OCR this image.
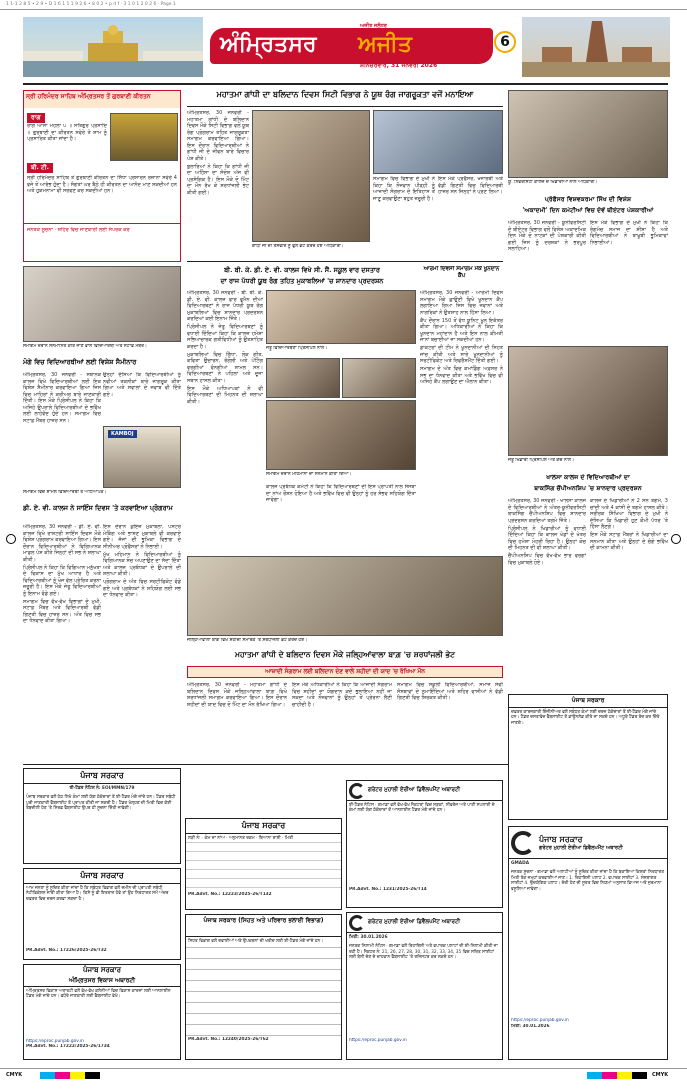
1 1-1 2 8 5 • 2 9 • D 1 6 1 1 1 9 2 6 • 8 0 2 • p d f · 3 1 0 1 2 0 2 6 · Page 1
ਅਜੀਤ ਜਲੰਧਰ
ਅੰਮ੍ਰਿਤਸਰ ਅਜੀਤ
ਸ਼ਨਿੱਚਰਵਾਰ, 31 ਜਨਵਰੀ 2026
6
ਸ੍ਰੀ ਹਰਿਮੰਦਰ ਸਾਹਿਬ ਅੰਮ੍ਰਿਤਸਰ ਤੋਂ ਗੁਰਬਾਣੀ ਕੀਰਤਨ
ਰਾਗ

ਰਾਗ ਆਸਾ ਮਹਲਾ ੫ ॥ ਸਤਿਗੁਰ ਪ੍ਰਸਾਦਿ ॥ ਗੁਰਬਾਣੀ ਦਾ ਕੀਰਤਨ ਸਵੇਰੇ ਤੇ ਸ਼ਾਮ ਨੂੰ ਪ੍ਰਸਾਰਿਤ ਕੀਤਾ ਜਾਂਦਾ ਹੈ।

ਬੀ. ਟੀ.

ਸ੍ਰੀ ਹਰਿਮੰਦਰ ਸਾਹਿਬ ਤੋਂ ਗੁਰਬਾਣੀ ਕੀਰਤਨ ਦਾ ਸਿੱਧਾ ਪ੍ਰਸਾਰਨ ਰੋਜ਼ਾਨਾ ਸਵੇਰੇ 4 ਵਜੇ ਤੋਂ ਆਰੰਭ ਹੁੰਦਾ ਹੈ। ਸੰਗਤਾਂ ਘਰ ਬੈਠੇ ਹੀ ਕੀਰਤਨ ਦਾ ਆਨੰਦ ਮਾਣ ਸਕਦੀਆਂ ਹਨ ਅਤੇ ਹੁਕਮਨਾਮਾ ਵੀ ਸਰਵਣ ਕਰ ਸਕਦੀਆਂ ਹਨ।

ਜਨਤਕ ਸੂਚਨਾ · ਸ਼ਹਿਰ ਵਿਚ ਜਾਣਕਾਰੀ ਲਈ ਸੰਪਰਕ ਕਰੋ
ਸਮਾਗਮ ਦੌਰਾਨ ਸਨਮਾਨਿਤ ਕੀਤੇ ਜਾਣ ਵਾਲੇ ਵਿਦਿਆਰਥੀ ਅਤੇ ਸਟਾਫ਼ ਮੈਂਬਰ।
ਮੋਗੇ ਵਿਚ ਵਿਦਿਆਰਥੀਆਂ ਲਈ ਵਿਸ਼ੇਸ਼ ਸੈਮੀਨਾਰ

ਅੰਮ੍ਰਿਤਸਰ, 30 ਜਨਵਰੀ - ਸਥਾਨਕ ਕਾਲਜ ਵਿਖੇ ਵਿਦਿਆਰਥੀਆਂ ਲਈ ਇਕ ਵਿਸ਼ੇਸ਼ ਸੈਮੀਨਾਰ ਕਰਵਾਇਆ ਗਿਆ ਜਿਸ ਵਿਚ ਮਾਹਿਰਾਂ ਨੇ ਕਰੀਅਰ ਬਾਰੇ ਜਾਣਕਾਰੀ ਦਿੱਤੀ। ਇਸ ਮੌਕੇ ਪ੍ਰਿੰਸੀਪਲ ਨੇ ਕਿਹਾ ਕਿ ਅਜਿਹੇ ਉਪਰਾਲੇ ਵਿਦਿਆਰਥੀਆਂ ਦੇ ਭਵਿੱਖ ਲਈ ਲਾਹੇਵੰਦ ਹੁੰਦੇ ਹਨ। ਸਮਾਗਮ ਵਿਚ ਸਟਾਫ਼ ਮੈਂਬਰ ਹਾਜ਼ਰ ਸਨ।

ਉਨ੍ਹਾਂ ਦੱਸਿਆ ਕਿ ਵਿਦਿਆਰਥੀਆਂ ਨੂੰ ਨਵੀਆਂ ਤਕਨੀਕਾਂ ਬਾਰੇ ਜਾਗਰੂਕ ਕੀਤਾ ਗਿਆ ਅਤੇ ਸਵਾਲਾਂ ਦੇ ਜਵਾਬ ਵੀ ਦਿੱਤੇ ਗਏ।

KAMBOJ
ਸਮਾਗਮ ਵਿਚ ਸ਼ਾਮਲ ਵਿਦਿਆਰਥੀ ਤੇ ਅਧਿਆਪਕ।
ਡੀ. ਏ. ਵੀ. ਕਾਲਜ ਨੇ ਸਾਇੰਸ ਦਿਵਸ 'ਤੇ ਕਰਵਾਇਆ ਪ੍ਰੋਗਰਾਮ

ਅੰਮ੍ਰਿਤਸਰ, 30 ਜਨਵਰੀ - ਡੀ. ਏ. ਵੀ. ਕਾਲਜ ਵਿਖੇ ਰਾਸ਼ਟਰੀ ਸਾਇੰਸ ਦਿਵਸ ਮੌਕੇ ਵਿਸ਼ੇਸ਼ ਪ੍ਰੋਗਰਾਮ ਕਰਵਾਇਆ ਗਿਆ। ਇਸ ਦੌਰਾਨ ਵਿਦਿਆਰਥੀਆਂ ਨੇ ਵਿਗਿਆਨਕ ਮਾਡਲ ਪੇਸ਼ ਕੀਤੇ ਜਿਨ੍ਹਾਂ ਦੀ ਸਭ ਨੇ ਸ਼ਲਾਘਾ ਕੀਤੀ।

ਪ੍ਰਿੰਸੀਪਲ ਨੇ ਕਿਹਾ ਕਿ ਵਿਗਿਆਨ ਮਨੁੱਖਤਾ ਦੇ ਵਿਕਾਸ ਦਾ ਮੁੱਖ ਆਧਾਰ ਹੈ ਅਤੇ ਵਿਦਿਆਰਥੀਆਂ ਨੂੰ ਖੋਜ ਵੱਲ ਪ੍ਰੇਰਿਤ ਕਰਨਾ ਜ਼ਰੂਰੀ ਹੈ। ਇਸ ਮੌਕੇ ਜੇਤੂ ਵਿਦਿਆਰਥੀਆਂ ਨੂੰ ਇਨਾਮ ਵੰਡੇ ਗਏ।

ਸਮਾਗਮ ਵਿਚ ਵੱਖ-ਵੱਖ ਵਿਭਾਗਾਂ ਦੇ ਮੁਖੀ, ਸਟਾਫ਼ ਮੈਂਬਰ ਅਤੇ ਵਿਦਿਆਰਥੀ ਵੱਡੀ ਗਿਣਤੀ ਵਿਚ ਹਾਜ਼ਰ ਸਨ। ਅੰਤ ਵਿਚ ਸਭ ਦਾ ਧੰਨਵਾਦ ਕੀਤਾ ਗਿਆ।

ਇਸ ਦੌਰਾਨ ਕੁਇਜ਼ ਮੁਕਾਬਲਾ, ਪੋਸਟਰ ਮੇਕਿੰਗ ਅਤੇ ਭਾਸ਼ਣ ਮੁਕਾਬਲੇ ਵੀ ਕਰਵਾਏ ਗਏ। ਜੱਜਾਂ ਦੀ ਭੂਮਿਕਾ ਵਿਭਾਗ ਦੇ ਸੀਨੀਅਰ ਪ੍ਰੋਫੈਸਰਾਂ ਨੇ ਨਿਭਾਈ।

ਮੁੱਖ ਮਹਿਮਾਨ ਨੇ ਵਿਦਿਆਰਥੀਆਂ ਨੂੰ ਵਿਗਿਆਨਕ ਸੋਚ ਅਪਣਾਉਣ ਦਾ ਸੱਦਾ ਦਿੱਤਾ ਅਤੇ ਕਾਲਜ ਪ੍ਰਬੰਧਕਾਂ ਦੇ ਉਪਰਾਲੇ ਦੀ ਸ਼ਲਾਘਾ ਕੀਤੀ।

ਪ੍ਰੋਗਰਾਮ ਦੇ ਅੰਤ ਵਿਚ ਸਰਟੀਫਿਕੇਟ ਵੰਡੇ ਗਏ ਅਤੇ ਪ੍ਰਬੰਧਕਾਂ ਨੇ ਸਹਿਯੋਗ ਲਈ ਸਭ ਦਾ ਧੰਨਵਾਦ ਕੀਤਾ।

ਮਹਾਤਮਾ ਗਾਂਧੀ ਦਾ ਬਲਿਦਾਨ ਦਿਵਸ ਸਿਟੀ ਵਿਭਾਗ ਨੇ ਯੂਥ ਰੰਗ ਜਾਗਰੂਕਤਾ ਵਜੋਂ ਮਨਾਇਆ

ਅੰਮ੍ਰਿਤਸਰ, 30 ਜਨਵਰੀ - ਮਹਾਤਮਾ ਗਾਂਧੀ ਦੇ ਬਲਿਦਾਨ ਦਿਵਸ ਮੌਕੇ ਸਿਟੀ ਵਿਭਾਗ ਵਲੋਂ ਯੂਥ ਰੰਗ ਪ੍ਰੋਗਰਾਮ ਤਹਿਤ ਜਾਗਰੂਕਤਾ ਸਮਾਗਮ ਕਰਵਾਇਆ ਗਿਆ। ਇਸ ਦੌਰਾਨ ਵਿਦਿਆਰਥੀਆਂ ਨੇ ਗਾਂਧੀ ਜੀ ਦੇ ਜੀਵਨ ਬਾਰੇ ਵਿਚਾਰ ਪੇਸ਼ ਕੀਤੇ।

ਬੁਲਾਰਿਆਂ ਨੇ ਕਿਹਾ ਕਿ ਗਾਂਧੀ ਜੀ ਦਾ ਅਹਿੰਸਾ ਦਾ ਸੰਦੇਸ਼ ਅੱਜ ਵੀ ਪ੍ਰਸੰਗਿਕ ਹੈ। ਇਸ ਮੌਕੇ ਦੋ ਮਿੰਟ ਦਾ ਮੌਨ ਰੱਖ ਕੇ ਸ਼ਰਧਾਂਜਲੀ ਭੇਟ ਕੀਤੀ ਗਈ।

ਸਮਾਗਮ ਵਿਚ ਵਿਭਾਗ ਦੇ ਮੁਖੀ ਨੇ ਕਿਹਾ ਕਿ ਨੌਜਵਾਨ ਪੀੜ੍ਹੀ ਨੂੰ ਆਜ਼ਾਦੀ ਸੰਗਰਾਮ ਦੇ ਇਤਿਹਾਸ ਤੋਂ ਜਾਣੂ ਕਰਵਾਉਣਾ ਬਹੁਤ ਜ਼ਰੂਰੀ ਹੈ।

ਇਸ ਮੌਕੇ ਪ੍ਰੋਫੈਸਰ, ਖੋਜਾਰਥੀ ਅਤੇ ਵੱਡੀ ਗਿਣਤੀ ਵਿਚ ਵਿਦਿਆਰਥੀ ਹਾਜ਼ਰ ਸਨ ਜਿਨ੍ਹਾਂ ਨੇ ਪ੍ਰਣ ਲਿਆ।

ਗਾਂਧੀ ਜੀ ਦੀ ਤਸਵੀਰ ਨੂੰ ਫੁੱਲ ਭੇਟ ਕਰਦੇ ਹੋਏ ਅਧਿਕਾਰੀ।
ਬੀ. ਬੀ. ਕੇ. ਡੀ. ਏ. ਵੀ. ਕਾਲਜ ਵਿਖੇ ਸੀ. ਸੈਂ. ਸਕੂਲ ਵਾਰ ਦਸਤਾਰ
ਦਾ ਰਾਜ ਪੱਧਰੀ ਯੂਥ ਰੰਗ ਤਹਿਤ ਮੁਕਾਬਲਿਆਂ 'ਚ ਸ਼ਾਨਦਾਰ ਪ੍ਰਦਰਸ਼ਨ

ਅੰਮ੍ਰਿਤਸਰ, 30 ਜਨਵਰੀ - ਬੀ. ਬੀ. ਕੇ. ਡੀ. ਏ. ਵੀ. ਕਾਲਜ ਫਾਰ ਵੁਮੈਨ ਦੀਆਂ ਵਿਦਿਆਰਥਣਾਂ ਨੇ ਰਾਜ ਪੱਧਰੀ ਯੂਥ ਰੰਗ ਮੁਕਾਬਲਿਆਂ ਵਿਚ ਸ਼ਾਨਦਾਰ ਪ੍ਰਦਰਸ਼ਨ ਕਰਦਿਆਂ ਕਈ ਇਨਾਮ ਜਿੱਤੇ।

ਪ੍ਰਿੰਸੀਪਲ ਨੇ ਜੇਤੂ ਵਿਦਿਆਰਥਣਾਂ ਨੂੰ ਵਧਾਈ ਦਿੰਦਿਆਂ ਕਿਹਾ ਕਿ ਕਾਲਜ ਹਮੇਸ਼ਾ ਸਭਿਆਚਾਰਕ ਗਤੀਵਿਧੀਆਂ ਨੂੰ ਉਤਸ਼ਾਹਿਤ ਕਰਦਾ ਹੈ।

ਮੁਕਾਬਲਿਆਂ ਵਿਚ ਗਿੱਧਾ, ਲੋਕ ਗੀਤ, ਕਵਿਤਾ ਉਚਾਰਨ, ਰੰਗੋਲੀ ਅਤੇ ਪੇਂਟਿੰਗ ਵਰਗੀਆਂ ਵੰਨਗੀਆਂ ਸ਼ਾਮਲ ਸਨ। ਵਿਦਿਆਰਥਣਾਂ ਨੇ ਪਹਿਲਾ ਅਤੇ ਦੂਜਾ ਸਥਾਨ ਹਾਸਲ ਕੀਤਾ।

ਇਸ ਮੌਕੇ ਅਧਿਆਪਕਾਂ ਨੇ ਵੀ ਵਿਦਿਆਰਥਣਾਂ ਦੀ ਮਿਹਨਤ ਦੀ ਸ਼ਲਾਘਾ ਕੀਤੀ।

ਜੇਤੂ ਵਿਦਿਆਰਥਣਾਂ ਪ੍ਰਿੰਸੀਪਲ ਨਾਲ।
ਸਮਾਗਮ ਦੌਰਾਨ ਮਹਿਮਾਨਾਂ ਦਾ ਸਨਮਾਨ ਕੀਤਾ ਗਿਆ।

ਕਾਲਜ ਪ੍ਰਬੰਧਕ ਕਮੇਟੀ ਨੇ ਕਿਹਾ ਕਿ ਵਿਦਿਆਰਥਣਾਂ ਦੀ ਇਸ ਪ੍ਰਾਪਤੀ ਨਾਲ ਸੰਸਥਾ ਦਾ ਨਾਂਅ ਰੌਸ਼ਨ ਹੋਇਆ ਹੈ ਅਤੇ ਭਵਿੱਖ ਵਿਚ ਵੀ ਉਨ੍ਹਾਂ ਨੂੰ ਹਰ ਸੰਭਵ ਸਹਿਯੋਗ ਦਿੱਤਾ ਜਾਵੇਗਾ।

ਆਰਮੀ ਦਿਵਸੀ ਸਮਾਗਮ ਮੌਕੇ ਖੂਨਦਾਨ ਕੈਂਪ

ਅੰਮ੍ਰਿਤਸਰ, 30 ਜਨਵਰੀ - ਆਰਮੀ ਦਿਵਸ ਸਮਾਗਮ ਮੌਕੇ ਛਾਉਣੀ ਵਿਖੇ ਖੂਨਦਾਨ ਕੈਂਪ ਲਗਾਇਆ ਗਿਆ ਜਿਸ ਵਿਚ ਜਵਾਨਾਂ ਅਤੇ ਨਾਗਰਿਕਾਂ ਨੇ ਉਤਸ਼ਾਹ ਨਾਲ ਹਿੱਸਾ ਲਿਆ।

ਕੈਂਪ ਦੌਰਾਨ 150 ਤੋਂ ਵੱਧ ਯੂਨਿਟ ਖੂਨ ਇਕੱਤਰ ਕੀਤਾ ਗਿਆ। ਅਧਿਕਾਰੀਆਂ ਨੇ ਕਿਹਾ ਕਿ ਖੂਨਦਾਨ ਮਹਾਂਦਾਨ ਹੈ ਅਤੇ ਇਸ ਨਾਲ ਕੀਮਤੀ ਜਾਨਾਂ ਬਚਾਈਆਂ ਜਾ ਸਕਦੀਆਂ ਹਨ।

ਡਾਕਟਰਾਂ ਦੀ ਟੀਮ ਨੇ ਖੂਨਦਾਨੀਆਂ ਦੀ ਸਿਹਤ ਜਾਂਚ ਕੀਤੀ ਅਤੇ ਸਾਰੇ ਖੂਨਦਾਨੀਆਂ ਨੂੰ ਸਰਟੀਫਿਕੇਟ ਅਤੇ ਰਿਫਰੈਸ਼ਮੈਂਟ ਦਿੱਤੀ ਗਈ।

ਸਮਾਗਮ ਦੇ ਅੰਤ ਵਿਚ ਕਮਾਂਡਿੰਗ ਅਫ਼ਸਰ ਨੇ ਸਭ ਦਾ ਧੰਨਵਾਦ ਕੀਤਾ ਅਤੇ ਭਵਿੱਖ ਵਿਚ ਵੀ ਅਜਿਹੇ ਕੈਂਪ ਲਗਾਉਣ ਦਾ ਐਲਾਨ ਕੀਤਾ।

ਯੂ. ਨਿਵਰਸਿਟੀ ਕਾਲਜ ਦੇ ਖਿਡਾਰੀਆਂ ਨਾਲ ਅਧਿਕਾਰੀ।
ਪ੍ਰੋਫੈਸਰ ਵਿਸ਼ਵਕਰਮਾ ਸਿੱਖ ਦੀ ਵਿਸ਼ੇਸ਼
'ਅਕਾਦਮੀ' ਦਿਨ ਕਮੇਟੀਆਂ ਵਿਚ ਦੋਵੇਂ ਥੀਏਟਰ ਪੇਸ਼ਕਾਰੀਆਂ

ਅੰਮ੍ਰਿਤਸਰ, 30 ਜਨਵਰੀ - ਯੂਨੀਵਰਸਿਟੀ ਦੇ ਥੀਏਟਰ ਵਿਭਾਗ ਵਲੋਂ ਵਿਸ਼ੇਸ਼ ਅਕਾਦਮਿਕ ਦਿਨ ਮੌਕੇ ਦੋ ਨਾਟਕਾਂ ਦੀ ਪੇਸ਼ਕਾਰੀ ਕੀਤੀ ਗਈ ਜਿਸ ਨੂੰ ਦਰਸ਼ਕਾਂ ਨੇ ਭਰਪੂਰ ਸਲਾਹਿਆ।

ਇਸ ਮੌਕੇ ਵਿਭਾਗ ਦੇ ਮੁਖੀ ਨੇ ਕਿਹਾ ਕਿ ਰੰਗਮੰਚ ਸਮਾਜ ਦਾ ਸ਼ੀਸ਼ਾ ਹੈ ਅਤੇ ਵਿਦਿਆਰਥੀਆਂ ਨੇ ਬਾਖ਼ੂਬੀ ਭੂਮਿਕਾਵਾਂ ਨਿਭਾਈਆਂ।

ਜੇਤੂ ਖਿਡਾਰੀ ਪ੍ਰਿੰਸੀਪਲ ਅਤੇ ਕੋਚ ਨਾਲ।
ਖਾਲਸਾ ਕਾਲਜ ਦੇ ਵਿਦਿਆਰਥੀਆਂ ਦਾ
ਬਾਕਸਿੰਗ ਚੈਂਪੀਅਨਸ਼ਿਪ 'ਚ ਸ਼ਾਨਦਾਰ ਪ੍ਰਦਰਸ਼ਨ

ਅੰਮ੍ਰਿਤਸਰ, 30 ਜਨਵਰੀ - ਖਾਲਸਾ ਕਾਲਜ ਦੇ ਵਿਦਿਆਰਥੀਆਂ ਨੇ ਅੰਤਰ-ਯੂਨੀਵਰਸਿਟੀ ਬਾਕਸਿੰਗ ਚੈਂਪੀਅਨਸ਼ਿਪ ਵਿਚ ਸ਼ਾਨਦਾਰ ਪ੍ਰਦਰਸ਼ਨ ਕਰਦਿਆਂ ਤਗਮੇ ਜਿੱਤੇ।

ਪ੍ਰਿੰਸੀਪਲ ਨੇ ਖਿਡਾਰੀਆਂ ਨੂੰ ਵਧਾਈ ਦਿੰਦਿਆਂ ਕਿਹਾ ਕਿ ਕਾਲਜ ਖੇਡਾਂ ਦੇ ਖੇਤਰ ਵਿਚ ਹਮੇਸ਼ਾ ਮੋਹਰੀ ਰਿਹਾ ਹੈ। ਉਨ੍ਹਾਂ ਕੋਚ ਦੀ ਮਿਹਨਤ ਦੀ ਵੀ ਸ਼ਲਾਘਾ ਕੀਤੀ।

ਚੈਂਪੀਅਨਸ਼ਿਪ ਵਿਚ ਵੱਖ-ਵੱਖ ਭਾਰ ਵਰਗਾਂ ਵਿਚ ਮੁਕਾਬਲੇ ਹੋਏ।

ਕਾਲਜ ਦੇ ਖਿਡਾਰੀਆਂ ਨੇ 2 ਸੋਨ ਤਗਮੇ, 3 ਚਾਂਦੀ ਅਤੇ 4 ਕਾਂਸੀ ਦੇ ਤਗਮੇ ਹਾਸਲ ਕੀਤੇ। ਸਰੀਰਕ ਸਿੱਖਿਆ ਵਿਭਾਗ ਦੇ ਮੁਖੀ ਨੇ ਦੱਸਿਆ ਕਿ ਖਿਡਾਰੀ ਹੁਣ ਕੌਮੀ ਪੱਧਰ 'ਤੇ ਹਿੱਸਾ ਲੈਣਗੇ।

ਇਸ ਮੌਕੇ ਸਟਾਫ਼ ਮੈਂਬਰਾਂ ਨੇ ਖਿਡਾਰੀਆਂ ਦਾ ਸਨਮਾਨ ਕੀਤਾ ਅਤੇ ਉਨ੍ਹਾਂ ਦੇ ਚੰਗੇ ਭਵਿੱਖ ਦੀ ਕਾਮਨਾ ਕੀਤੀ।

ਜਲ੍ਹਿਆਂਵਾਲਾ ਬਾਗ਼ ਵਿਖੇ ਸ਼ਹੀਦੀ ਸਮਾਰਕ 'ਤੇ ਸ਼ਰਧਾਂਜਲੀ ਭੇਟ ਕਰਦੇ ਹੋਏ।
ਮਹਾਤਮਾ ਗਾਂਧੀ ਦੇ ਬਲਿਦਾਨ ਦਿਵਸ ਮੌਕੇ ਜਲ੍ਹਿਆਂਵਾਲਾ ਬਾਗ਼ 'ਚ ਸ਼ਰਧਾਂਜਲੀ ਭੇਟ
ਆਜ਼ਾਦੀ ਸੰਗਰਾਮ ਲਈ ਬਲਿਦਾਨ ਦੇਣ ਵਾਲੇ ਸ਼ਹੀਦਾਂ ਦੀ ਯਾਦ 'ਚ ਰੱਖਿਆ ਮੌਨ

ਅੰਮ੍ਰਿਤਸਰ, 30 ਜਨਵਰੀ - ਮਹਾਤਮਾ ਗਾਂਧੀ ਦੇ ਬਲਿਦਾਨ ਦਿਵਸ ਮੌਕੇ ਜਲ੍ਹਿਆਂਵਾਲਾ ਬਾਗ਼ ਵਿਖੇ ਸ਼ਰਧਾਂਜਲੀ ਸਮਾਗਮ ਕਰਵਾਇਆ ਗਿਆ। ਇਸ ਦੌਰਾਨ ਸ਼ਹੀਦਾਂ ਦੀ ਯਾਦ ਵਿਚ ਦੋ ਮਿੰਟ ਦਾ ਮੌਨ ਰੱਖਿਆ ਗਿਆ।

ਇਸ ਮੌਕੇ ਅਧਿਕਾਰੀਆਂ ਨੇ ਕਿਹਾ ਕਿ ਆਜ਼ਾਦੀ ਸੰਗਰਾਮ ਵਿਚ ਸ਼ਹੀਦਾਂ ਦਾ ਯੋਗਦਾਨ ਕਦੇ ਭੁਲਾਇਆ ਨਹੀਂ ਜਾ ਸਕਦਾ ਅਤੇ ਨੌਜਵਾਨਾਂ ਨੂੰ ਉਨ੍ਹਾਂ ਤੋਂ ਪ੍ਰੇਰਨਾ ਲੈਣੀ ਚਾਹੀਦੀ ਹੈ।

ਸਮਾਗਮ ਵਿਚ ਸਕੂਲੀ ਵਿਦਿਆਰਥੀਆਂ, ਸਮਾਜ ਸੇਵੀ ਸੰਸਥਾਵਾਂ ਦੇ ਨੁਮਾਇੰਦਿਆਂ ਅਤੇ ਸ਼ਹਿਰ ਵਾਸੀਆਂ ਨੇ ਵੱਡੀ ਗਿਣਤੀ ਵਿਚ ਸ਼ਿਰਕਤ ਕੀਤੀ।

ਪੰਜਾਬ ਸਰਕਾਰ
ਈ-ਟੈਂਡਰ ਨੋਟਿਸ ਨੰ: EOI/MMN/179
ਪੰਜਾਬ ਸਰਕਾਰ ਵਲੋਂ ਹੇਠ ਲਿਖੇ ਕੰਮਾਂ ਲਈ ਯੋਗ ਠੇਕੇਦਾਰਾਂ ਤੋਂ ਈ-ਟੈਂਡਰ ਮੰਗੇ ਜਾਂਦੇ ਹਨ। ਟੈਂਡਰ ਸਬੰਧੀ ਪੂਰੀ ਜਾਣਕਾਰੀ ਵੈੱਬਸਾਈਟ ਤੋਂ ਪ੍ਰਾਪਤ ਕੀਤੀ ਜਾ ਸਕਦੀ ਹੈ। ਟੈਂਡਰ ਖੋਲ੍ਹਣ ਦੀ ਮਿਤੀ ਵਿਚ ਕੋਈ ਤਬਦੀਲੀ ਹੋਣ 'ਤੇ ਸਿਰਫ਼ ਵੈੱਬਸਾਈਟ ਉਪਰ ਹੀ ਸੂਚਨਾ ਦਿੱਤੀ ਜਾਵੇਗੀ।
ਪੰਜਾਬ ਸਰਕਾਰ
ਆਮ ਜਨਤਾ ਨੂੰ ਸੂਚਿਤ ਕੀਤਾ ਜਾਂਦਾ ਹੈ ਕਿ ਸਬੰਧਤ ਵਿਭਾਗ ਵਲੋਂ ਜ਼ਮੀਨ ਦੀ ਪ੍ਰਾਪਤੀ ਸਬੰਧੀ ਨੋਟੀਫਿਕੇਸ਼ਨ ਜਾਰੀ ਕੀਤਾ ਗਿਆ ਹੈ। ਕਿਸੇ ਨੂੰ ਵੀ ਇਤਰਾਜ਼ ਹੋਵੇ ਤਾਂ ਉਹ ਨਿਰਧਾਰਤ ਸਮੇਂ ਅੰਦਰ ਦਫ਼ਤਰ ਵਿਚ ਦਰਜ ਕਰਵਾ ਸਕਦਾ ਹੈ।
PR.Advt. No.: 17226/2025-26/T32
ਪੰਜਾਬ ਸਰਕਾਰ
ਅੰਮ੍ਰਿਤਸਰ ਵਿਕਾਸ ਅਥਾਰਟੀ
ਅੰਮ੍ਰਿਤਸਰ ਵਿਕਾਸ ਅਥਾਰਟੀ ਵਲੋਂ ਵੱਖ-ਵੱਖ ਕਲੋਨੀਆਂ ਵਿਚ ਵਿਕਾਸ ਕਾਰਜਾਂ ਲਈ ਆਨਲਾਈਨ ਟੈਂਡਰ ਮੰਗੇ ਜਾਂਦੇ ਹਨ। ਵਧੇਰੇ ਜਾਣਕਾਰੀ ਲਈ ਵੈੱਬਸਾਈਟ ਵੇਖੋ।
https://eproc.punjab.gov.in
PR.Advt. No.: 17222/2025-26/1734
ਪੰਜਾਬ ਸਰਕਾਰ
ਲੜੀ ਨੰ: · ਕੰਮ ਦਾ ਨਾਂਅ · ਅਨੁਮਾਨਤ ਰਕਮ · ਬਿਆਨਾ ਰਾਸ਼ੀ · ਮਿਤੀ
PR.Advt. No.: 12223/2025-26/T132
ਪੰਜਾਬ ਸਰਕਾਰ (ਸਿਹਤ ਅਤੇ ਪਰਿਵਾਰ ਭਲਾਈ ਵਿਭਾਗ)
ਸਿਹਤ ਵਿਭਾਗ ਵਲੋਂ ਦਵਾਈਆਂ ਅਤੇ ਉਪਕਰਨਾਂ ਦੀ ਖਰੀਦ ਲਈ ਈ-ਟੈਂਡਰ ਮੰਗੇ ਜਾਂਦੇ ਹਨ।
PR.Advt. No.: 12240/2025-26/T62
ਗਰੇਟਰ ਮੁਹਾਲੀ ਏਰੀਆ ਡਿਵੈਲਪਮੈਂਟ ਅਥਾਰਟੀ
ਈ-ਟੈਂਡਰ ਨੋਟਿਸ · ਗਮਾਡਾ ਵਲੋਂ ਵੱਖ-ਵੱਖ ਸੈਕਟਰਾਂ ਵਿਚ ਸੜਕਾਂ, ਸੀਵਰੇਜ ਅਤੇ ਪਾਣੀ ਸਪਲਾਈ ਦੇ ਕੰਮਾਂ ਲਈ ਯੋਗ ਠੇਕੇਦਾਰਾਂ ਤੋਂ ਆਨਲਾਈਨ ਟੈਂਡਰ ਮੰਗੇ ਜਾਂਦੇ ਹਨ।
PR.Advt. No.: 1231/2025-26/T14
ਗਰੇਟਰ ਮੁਹਾਲੀ ਏਰੀਆ ਡਿਵੈਲਪਮੈਂਟ ਅਥਾਰਟੀ
ਮਿਤੀ: 30.01.2026
ਜਨਤਕ ਨਿਲਾਮੀ ਨੋਟਿਸ · ਗਮਾਡਾ ਵਲੋਂ ਰਿਹਾਇਸ਼ੀ ਅਤੇ ਵਪਾਰਕ ਪਲਾਟਾਂ ਦੀ ਈ-ਨਿਲਾਮੀ ਕੀਤੀ ਜਾ ਰਹੀ ਹੈ। ਸੈਕਟਰ ਨੰ: 21, 26, 27, 28, 30, 31, 32, 33, 34, 35 ਵਿਚ ਸਥਿਤ ਸਾਈਟਾਂ ਲਈ ਬੋਲੀ ਦੇਣ ਦੇ ਚਾਹਵਾਨ ਵੈੱਬਸਾਈਟ 'ਤੇ ਰਜਿਸਟਰ ਕਰ ਸਕਦੇ ਹਨ।
https://eproc.punjab.gov.in
ਪੰਜਾਬ ਸਰਕਾਰ
ਦਫ਼ਤਰ ਕਾਰਜਕਾਰੀ ਇੰਜੀਨੀਅਰ ਵਲੋਂ ਸਬੰਧਤ ਕੰਮਾਂ ਲਈ ਦਰਜ ਠੇਕੇਦਾਰਾਂ ਤੋਂ ਈ-ਟੈਂਡਰ ਮੰਗੇ ਜਾਂਦੇ ਹਨ। ਟੈਂਡਰ ਦਸਤਾਵੇਜ਼ ਵੈੱਬਸਾਈਟ ਤੋਂ ਡਾਊਨਲੋਡ ਕੀਤੇ ਜਾ ਸਕਦੇ ਹਨ। ਅਧੂਰੇ ਟੈਂਡਰ ਰੱਦ ਕਰ ਦਿੱਤੇ ਜਾਣਗੇ।
ਪੰਜਾਬ ਸਰਕਾਰ
ਗਰੇਟਰ ਮੁਹਾਲੀ ਏਰੀਆ ਡਿਵੈਲਪਮੈਂਟ ਅਥਾਰਟੀ
GMADA
ਜਨਤਕ ਸੂਚਨਾ · ਗਮਾਡਾ ਵਲੋਂ ਅਲਾਟੀਆਂ ਨੂੰ ਸੂਚਿਤ ਕੀਤਾ ਜਾਂਦਾ ਹੈ ਕਿ ਬਕਾਇਆ ਕਿਸ਼ਤਾਂ ਨਿਰਧਾਰਤ ਮਿਤੀ ਤੱਕ ਜਮ੍ਹਾਂ ਕਰਵਾਈਆਂ ਜਾਣ। 1. ਰਿਹਾਇਸ਼ੀ ਪਲਾਟ 2. ਵਪਾਰਕ ਸਾਈਟਾਂ 3. ਸੰਸਥਾਗਤ ਸਾਈਟਾਂ 4. ਉਦਯੋਗਿਕ ਪਲਾਟ। ਦੇਰੀ ਹੋਣ ਦੀ ਸੂਰਤ ਵਿਚ ਨਿਯਮਾਂ ਅਨੁਸਾਰ ਵਿਆਜ ਅਤੇ ਜੁਰਮਾਨਾ ਵਸੂਲਿਆ ਜਾਵੇਗਾ।
https://eproc.punjab.gov.in
ਮਿਤੀ: 30.01.2026
CMYK	CMYK
